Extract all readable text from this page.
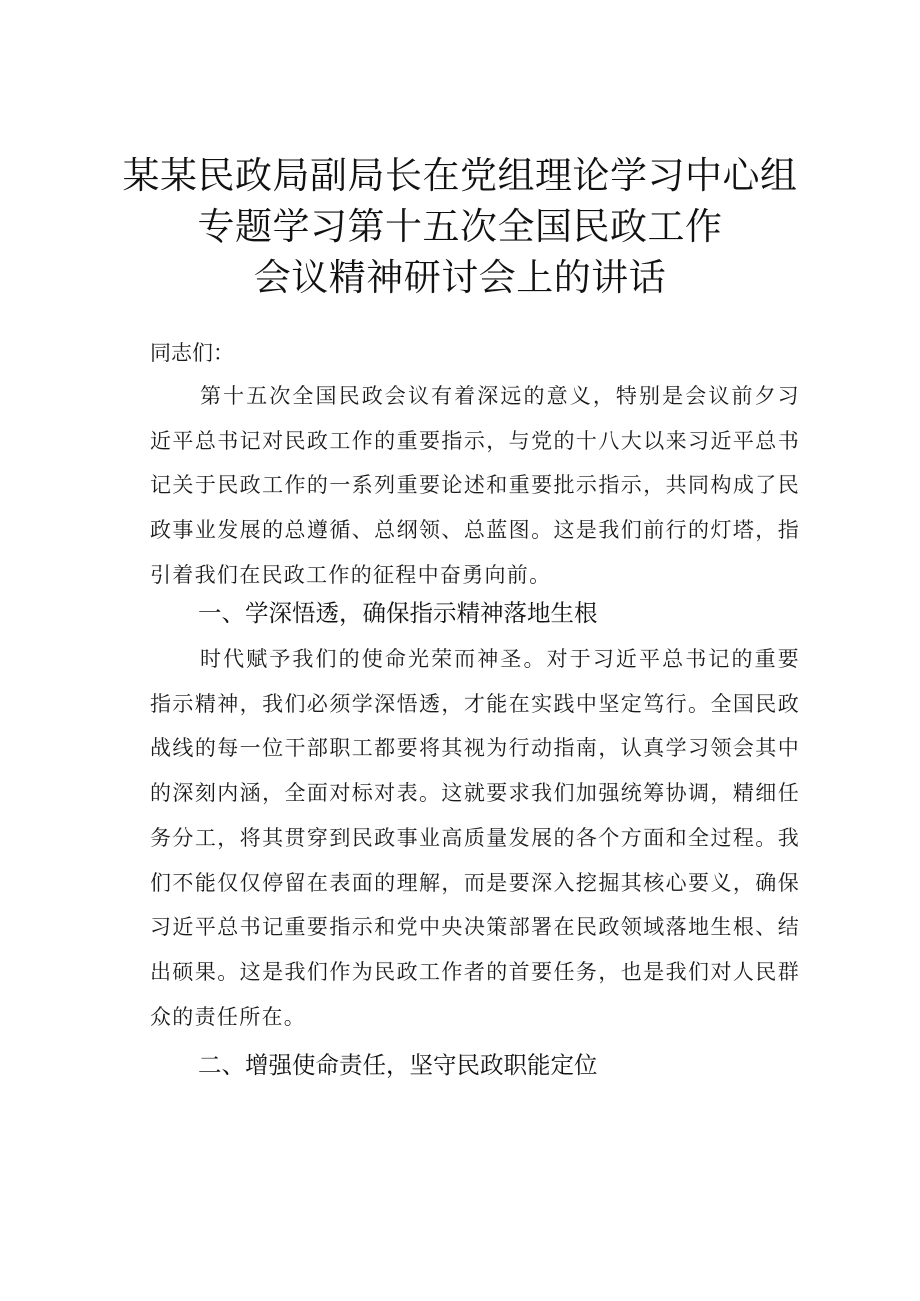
某某民政局副局长在党组理论学习中心组
专题学习第十五次全国民政工作
会议精神研讨会上的讲话
同志们：
第十五次全国民政会议有着深远的意义，特别是会议前夕习近平总书记对民政工作的重要指示，与党的十八大以来习近平总书记关于民政工作的一系列重要论述和重要批示指示，共同构成了民政事业发展的总遵循、总纲领、总蓝图。这是我们前行的灯塔，指引着我们在民政工作的征程中奋勇向前。
一、学深悟透，确保指示精神落地生根
时代赋予我们的使命光荣而神圣。对于习近平总书记的重要指示精神，我们必须学深悟透，才能在实践中坚定笃行。全国民政战线的每一位干部职工都要将其视为行动指南，认真学习领会其中的深刻内涵，全面对标对表。这就要求我们加强统筹协调，精细任务分工，将其贯穿到民政事业高质量发展的各个方面和全过程。我们不能仅仅停留在表面的理解，而是要深入挖掘其核心要义，确保习近平总书记重要指示和党中央决策部署在民政领域落地生根、结出硕果。这是我们作为民政工作者的首要任务，也是我们对人民群众的责任所在。
二、增强使命责任，坚守民政职能定位
